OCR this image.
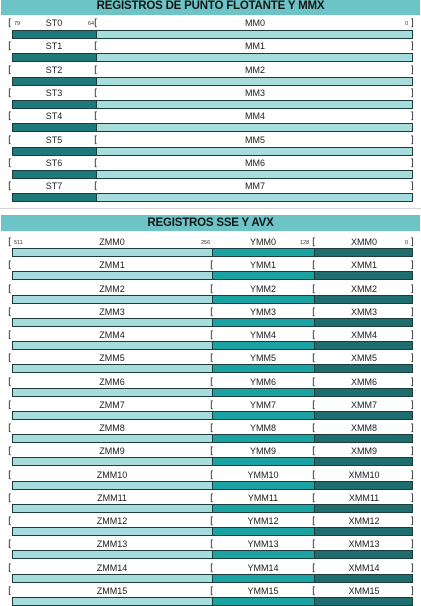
REGISTROS DE PUNTO FLOTANTE Y MMX
]
ST0	MM0
[	[	]
ST1	MM1
[	[	]
ST2	MM2
[	[	]
ST3	MM3
[	[	]
ST4	MM4
[	[	]
ST5	MM5
[	[	]
ST6	MM6
[	[	]
ST7	MM7
[ 79	64 [	0
REGISTROS SSE Y AVX
]
ZMM0	YMM0	XMM0
[	[	[	]
ZMM1	YMM1	XMM1
[	[	[	]
ZMM2	YMM2	XMM2
[	[	[	]
ZMM3	YMM3	XMM3
[	[	[	]
ZMM4	YMM4	XMM4
[	[	[	]
ZMM5	YMM5	XMM5
[	[	[	]
ZMM6	YMM6	XMM6
[	[	[	]
ZMM7	YMM7	XMM7
[	[	[	]
ZMM8	YMM8	XMM8
[	[	[	]
ZMM9	YMM9	XMM9
[	[	[	]
ZMM10	YMM10	XMM10
[	[	[	]
ZMM11	YMM11	XMM11
[	[	[	]
ZMM12	YMM12	XMM12
[	[	[	]
ZMM13	YMM13	XMM13
[	[	[	]
ZMM14	YMM14	XMM14
[	[	[	]
ZMM15	YMM15	XMM15
[ 511	256	128 [	0
